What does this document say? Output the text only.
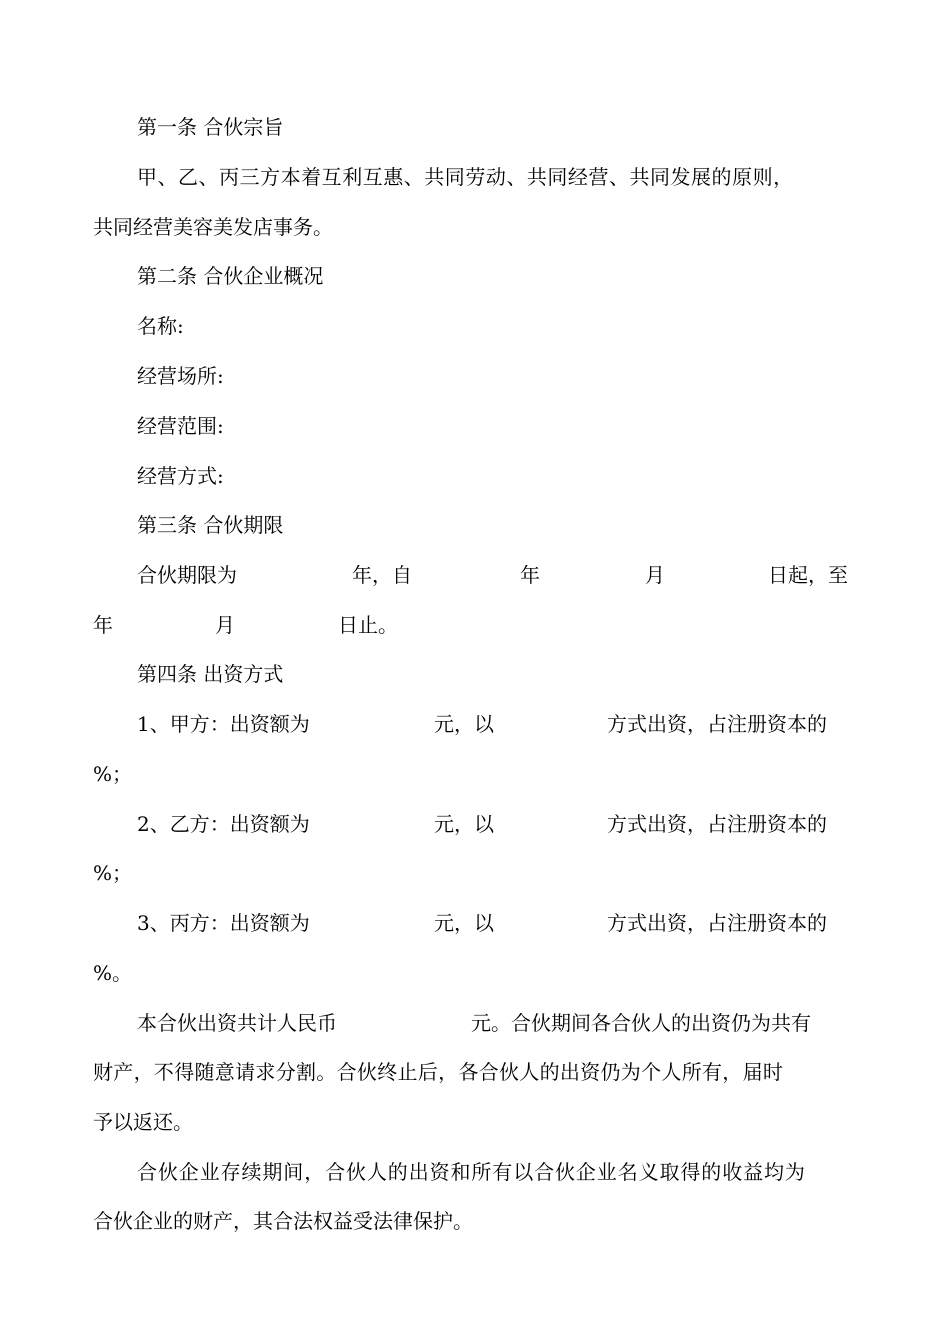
第一条 合伙宗旨
甲、乙、丙三方本着互利互惠、共同劳动、共同经营、共同发展的原则，
共同经营美容美发店事务。
第二条 合伙企业概况
名称:
经营场所:
经营范围:
经营方式:
第三条 合伙期限
合伙期限为	年，自	年	月	日起，至
年	月	日止。
第四条 出资方式
1、甲方：出资额为	元，以	方式出资，占注册资本的
%；
2、乙方：出资额为	元，以	方式出资，占注册资本的
%；
3、丙方：出资额为	元，以	方式出资，占注册资本的
%。
本合伙出资共计人民币	元。合伙期间各合伙人的出资仍为共有
财产，不得随意请求分割。合伙终止后，各合伙人的出资仍为个人所有，届时
予以返还。
合伙企业存续期间，合伙人的出资和所有以合伙企业名义取得的收益均为
合伙企业的财产，其合法权益受法律保护。
